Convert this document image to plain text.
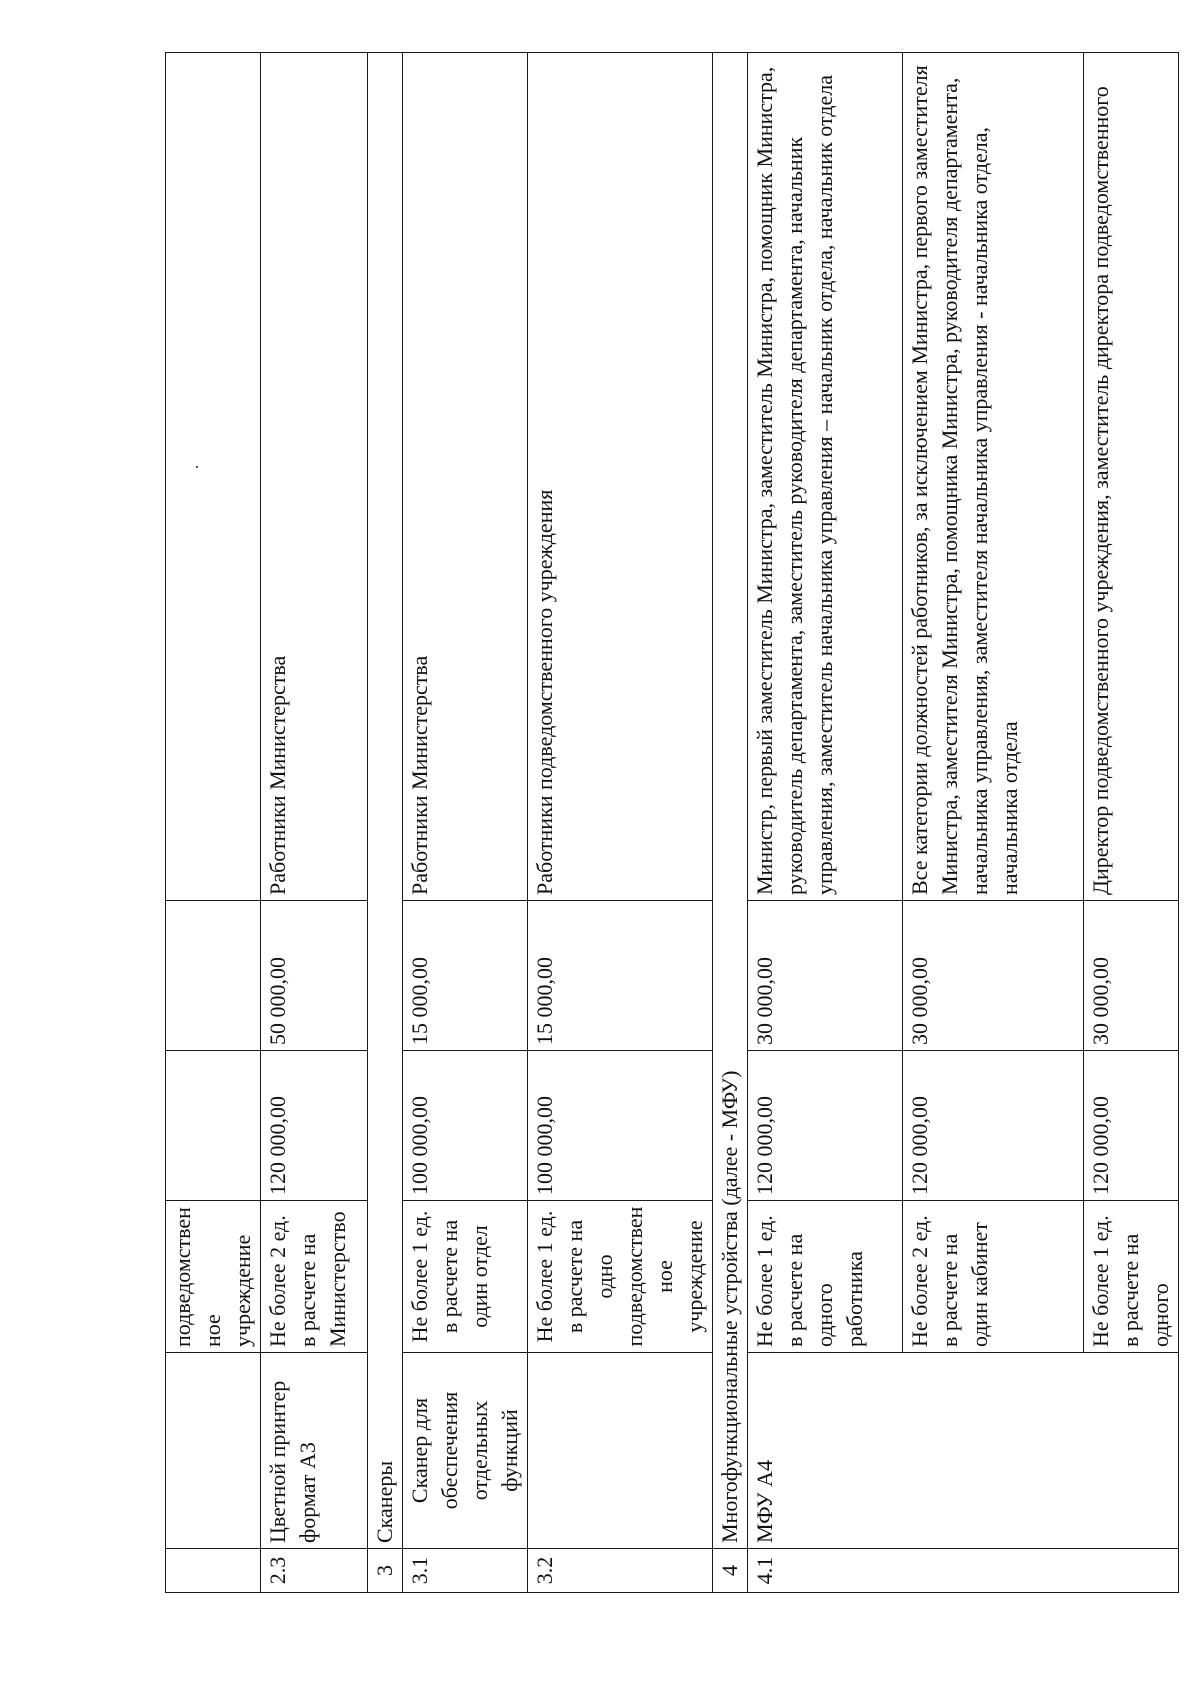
		подведомственное учреждение			
2.3	Цветной принтер формат А3	Не более 2 ед. в расчете на Министерство	120 000,00	50 000,00	Работники Министерства
3	Сканеры				
3.1	Сканер для обеспечения отдельных функций	Не более 1 ед. в расчете на один отдел	100 000,00	15 000,00	Работники Министерства
3.2		Не более 1 ед. в расчете на одно подведомственное учреждение	100 000,00	15 000,00	Работники подведомственного учреждения
4	Многофункциональные устройства (далее - МФУ)				
4.1	МФУ А4	Не более 1 ед. в расчете на одного работника	120 000,00	30 000,00	Министр, первый заместитель Министра, заместитель Министра, помощник Министра, руководитель департамента, заместитель руководителя департамента, начальник управления, заместитель начальника управления – начальник отдела, начальник отдела
		Не более 2 ед. в расчете на один кабинет	120 000,00	30 000,00	Все категории должностей работников, за исключением Министра, первого заместителя Министра, заместителя Министра, помощника Министра, руководителя департамента, начальника управления, заместителя начальника управления - начальника отдела, начальника отдела
		Не более 1 ед. в расчете на одного	120 000,00	30 000,00	Директор подведомственного учреждения, заместитель директора подведомственного
